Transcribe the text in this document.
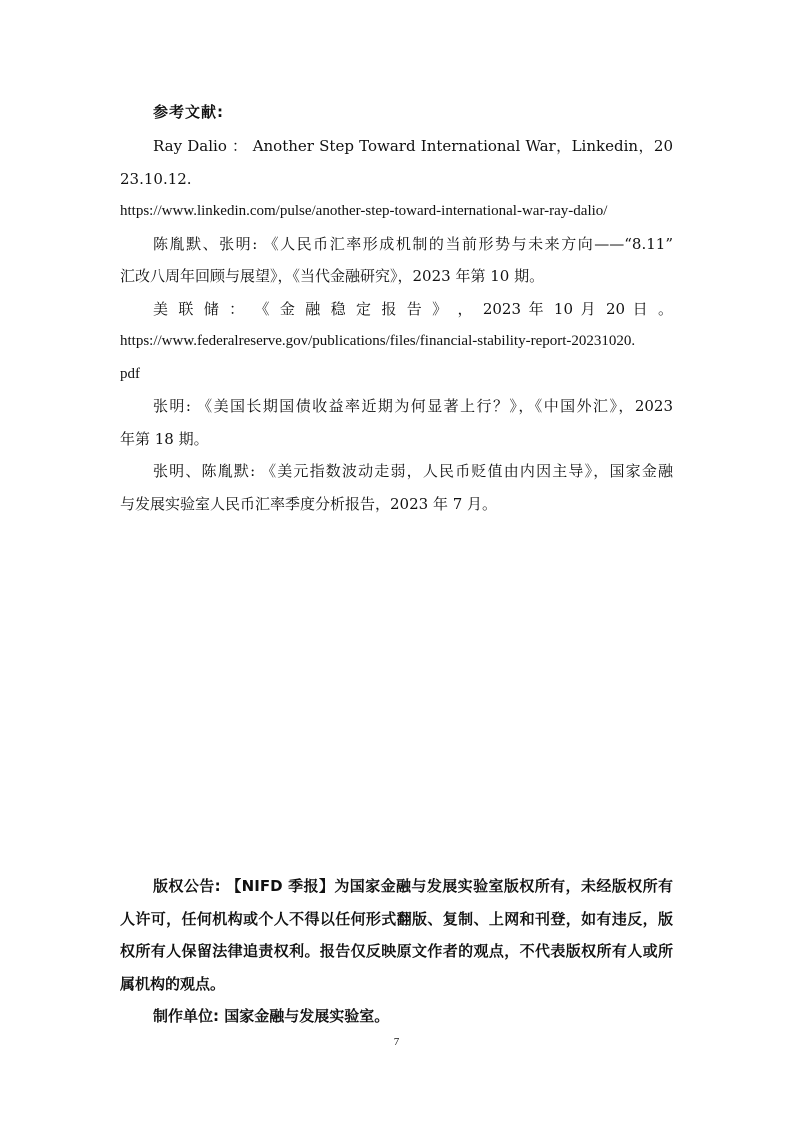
参考文献:

Ray Dalio ： Another Step Toward International War，Linkedin，2023.10.12.
https://www.linkedin.com/pulse/another-step-toward-international-war-ray-dalio/

陈胤默、张明: 《人民币汇率形成机制的当前形势与未来方向——“8.11”
汇改八周年回顾与展望》，《当代金融研究》，2023 年第 10 期。

美 联 储 ： 《 金 融 稳 定 报 告 》 ， 2023 年 10 月 20 日 。
https://www.federalreserve.gov/publications/files/financial-stability-report-20231020.
pdf

张明: 《美国长期国债收益率近期为何显著上行？》，《中国外汇》，2023
年第 18 期。

张明、陈胤默: 《美元指数波动走弱，人民币贬值由内因主导》，国家金融
与发展实验室人民币汇率季度分析报告，2023 年 7 月。

版权公告: 【NIFD 季报】为国家金融与发展实验室版权所有，未经版权所有人许可，任何机构或个人不得以任何形式翻版、复制、上网和刊登，如有违反，版权所有人保留法律追责权利。报告仅反映原文作者的观点，不代表版权所有人或所属机构的观点。

制作单位: 国家金融与发展实验室。

7
